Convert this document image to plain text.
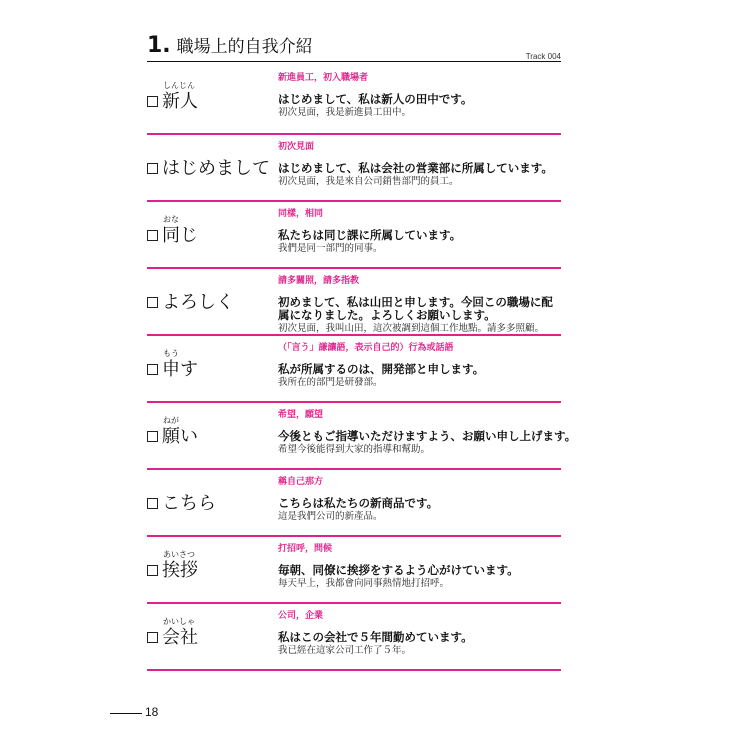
1. 職場上的自我介紹	Track 004
しんじん
新人
新進員工，初入職場者
はじめまして、私は新人の田中です。
初次見面，我是新進員工田中。
はじめまして
初次見面
はじめまして、私は会社の営業部に所属しています。
初次見面，我是來自公司銷售部門的員工。
おな
同じ
同樣，相同
私たちは同じ課に所属しています。
我們是同一部門的同事。
よろしく
請多關照，請多指教
初めまして、私は山田と申します。今回この職場に配属になりました。よろしくお願いします。
初次見面，我叫山田，這次被調到這個工作地點。請多多照顧。
もう
申す
（「言う」謙讓語，表示自己的）行為或話語
私が所属するのは、開発部と申します。
我所在的部門是研發部。
ねが
願い
希望，願望
今後ともご指導いただけますよう、お願い申し上げます。
希望今後能得到大家的指導和幫助。
こちら
稱自己那方
こちらは私たちの新商品です。
這是我們公司的新產品。
あいさつ
挨拶
打招呼，問候
毎朝、同僚に挨拶をするよう心がけています。
每天早上，我都會向同事熱情地打招呼。
かいしゃ
会社
公司，企業
私はこの会社で５年間勤めています。
我已經在這家公司工作了５年。
18
